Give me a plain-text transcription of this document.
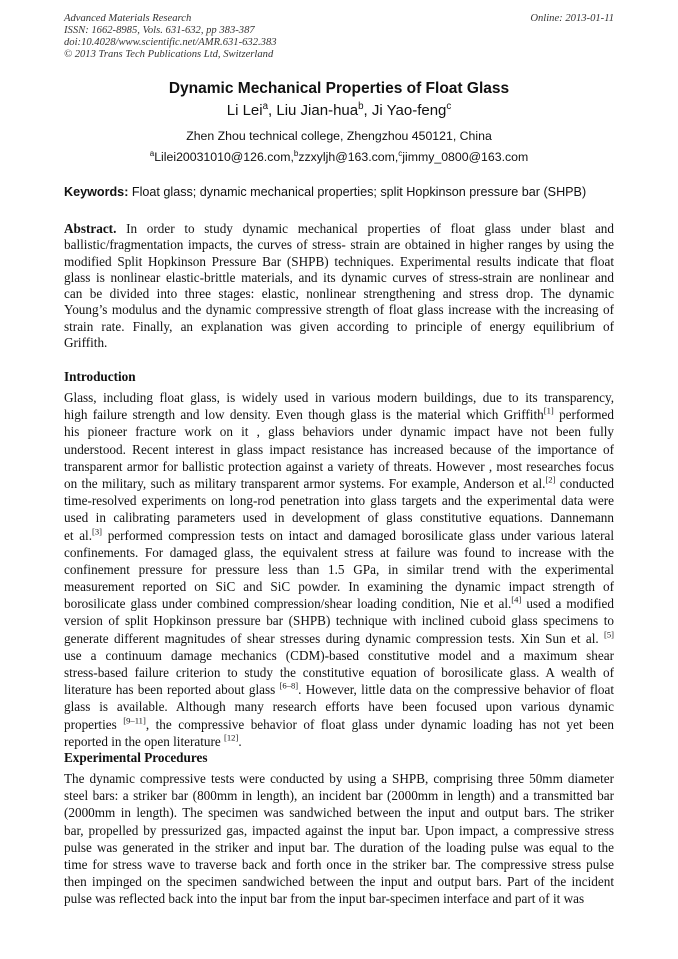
Advanced Materials Research
ISSN: 1662-8985, Vols. 631-632, pp 383-387
doi:10.4028/www.scientific.net/AMR.631-632.383
© 2013 Trans Tech Publications Ltd, Switzerland
Online: 2013-01-11
Dynamic Mechanical Properties of Float Glass
Li Lei$^a$, Liu Jian-hua$^b$, Ji Yao-feng$^c$
Zhen Zhou technical college, Zhengzhou 450121, China
$^a$Lilei20031010@126.com,$^b$zzxyljh@163.com,$^c$jimmy_0800@163.com
Keywords: Float glass; dynamic mechanical properties; split Hopkinson pressure bar (SHPB)
Abstract. In order to study dynamic mechanical properties of float glass under blast and
ballistic/fragmentation impacts, the curves of stress- strain are obtained in higher ranges by using the
modified Split Hopkinson Pressure Bar (SHPB) techniques. Experimental results indicate that float
glass is nonlinear elastic-brittle materials, and its dynamic curves of stress-strain are nonlinear and
can be divided into three stages: elastic, nonlinear strengthening and stress drop. The dynamic
Young’s modulus and the dynamic compressive strength of float glass increase with the increasing of
strain rate. Finally, an explanation was given according to principle of energy equilibrium of
Griffith.
Introduction
Glass, including float glass, is widely used in various modern buildings, due to its transparency,
high failure strength and low density. Even though glass is the material which Griffith[1] performed
his pioneer fracture work on it , glass behaviors under dynamic impact have not been fully
understood. Recent interest in glass impact resistance has increased because of the importance of
transparent armor for ballistic protection against a variety of threats. However , most researches focus
on the military, such as military transparent armor systems. For example, Anderson et al.[2] conducted
time-resolved experiments on long-rod penetration into glass targets and the experimental data were
used in calibrating parameters used in development of glass constitutive equations. Dannemann
et al.[3] performed compression tests on intact and damaged borosilicate glass under various lateral
confinements. For damaged glass, the equivalent stress at failure was found to increase with the
confinement pressure for pressure less than 1.5 GPa, in similar trend with the experimental
measurement reported on SiC and SiC powder. In examining the dynamic impact strength of
borosilicate glass under combined compression/shear loading condition, Nie et al.[4] used a modified
version of split Hopkinson pressure bar (SHPB) technique with inclined cuboid glass specimens to
generate different magnitudes of shear stresses during dynamic compression tests. Xin Sun et al. [5]
use a continuum damage mechanics (CDM)-based constitutive model and a maximum shear
stress-based failure criterion to study the constitutive equation of borosilicate glass. A wealth of
literature has been reported about glass [6–8]. However, little data on the compressive behavior of float
glass is available. Although many research efforts have been focused upon various dynamic
properties [9–11], the compressive behavior of float glass under dynamic loading has not yet been
reported in the open literature [12].
Experimental Procedures
The dynamic compressive tests were conducted by using a SHPB, comprising three 50mm diameter
steel bars: a striker bar (800mm in length), an incident bar (2000mm in length) and a transmitted bar
(2000mm in length). The specimen was sandwiched between the input and output bars. The striker
bar, propelled by pressurized gas, impacted against the input bar. Upon impact, a compressive stress
pulse was generated in the striker and input bar. The duration of the loading pulse was equal to the
time for stress wave to traverse back and forth once in the striker bar. The compressive stress pulse
then impinged on the specimen sandwiched between the input and output bars. Part of the incident
pulse was reflected back into the input bar from the input bar-specimen interface and part of it was
